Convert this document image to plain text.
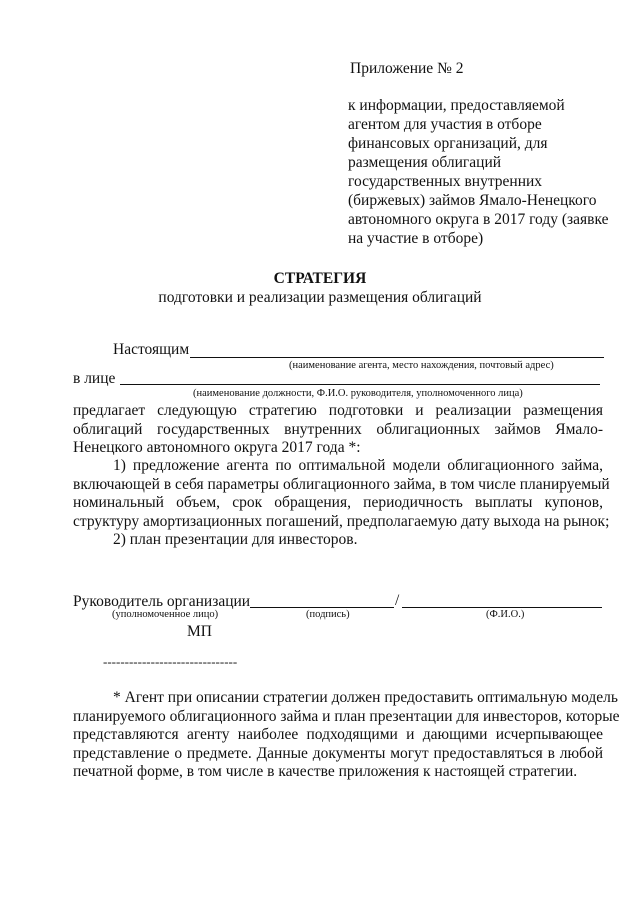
Приложение № 2
к информации, предоставляемой
агентом для участия в отборе
финансовых организаций, для
размещения облигаций
государственных внутренних
(биржевых) займов Ямало-Ненецкого
автономного округа в 2017 году (заявке
на участие в отборе)
СТРАТЕГИЯ
подготовки и реализации размещения облигаций
Настоящим
(наименование агента, место нахождения, почтовый адрес)
в лице
(наименование должности, Ф.И.О. руководителя, уполномоченного лица)
предлагает следующую стратегию подготовки и реализации размещения
облигаций государственных внутренних облигационных займов Ямало-
Ненецкого автономного округа 2017 года *:
1) предложение агента по оптимальной модели облигационного займа,
включающей в себя параметры облигационного займа, в том числе планируемый
номинальный объем, срок обращения, периодичность выплаты купонов,
структуру амортизационных погашений, предполагаемую дату выхода на рынок;
2) план презентации для инвесторов.
Руководитель организации	/
(уполномоченное лицо)	(подпись)	(Ф.И.О.)
МП
-------------------------------
* Агент при описании стратегии должен предоставить оптимальную модель
планируемого облигационного займа и план презентации для инвесторов, которые
представляются агенту наиболее подходящими и дающими исчерпывающее
представление о предмете. Данные документы могут предоставляться в любой
печатной форме, в том числе в качестве приложения к настоящей стратегии.
